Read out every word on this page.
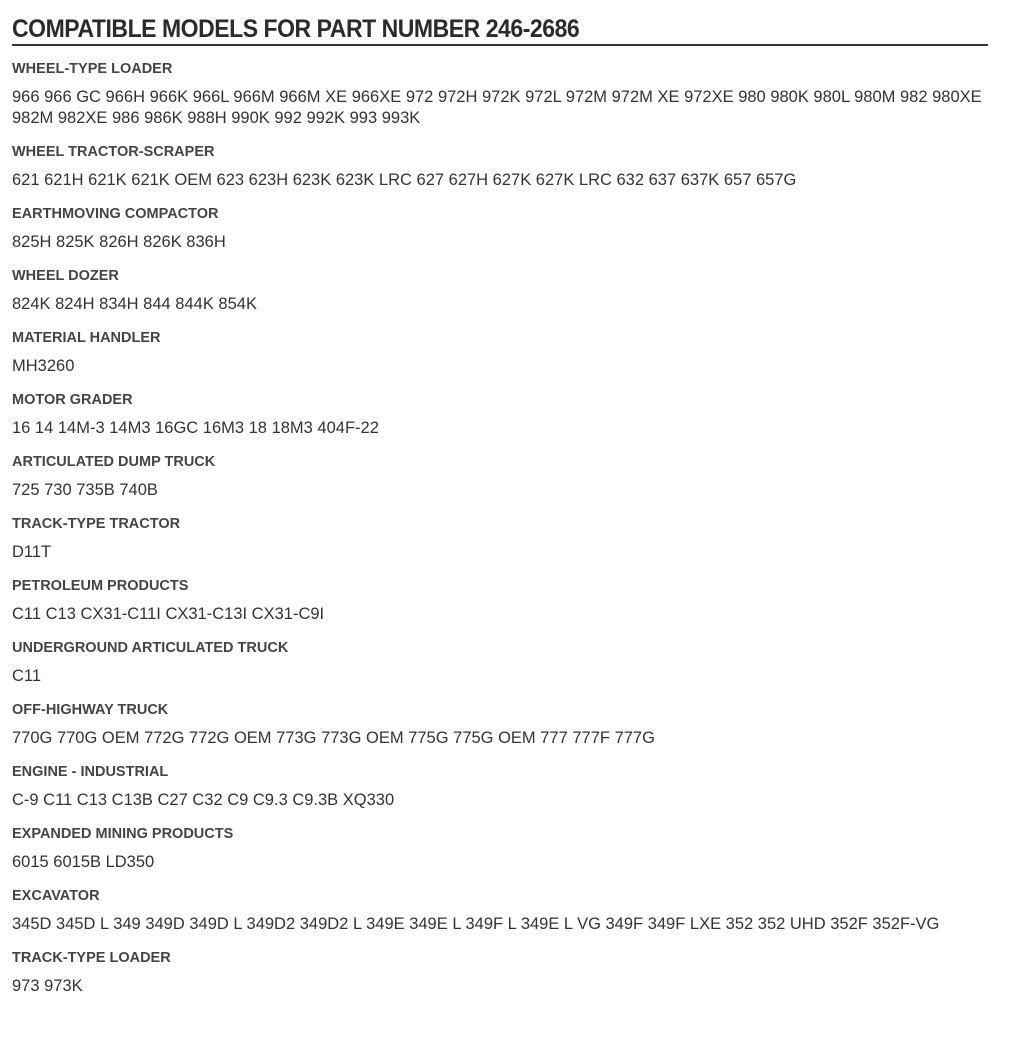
COMPATIBLE MODELS FOR PART NUMBER 246-2686
WHEEL-TYPE LOADER
966 966 GC 966H 966K 966L 966M 966M XE 966XE 972 972H 972K 972L 972M 972M XE 972XE 980 980K 980L 980M 982 980XE 982M 982XE 986 986K 988H 990K 992 992K 993 993K
WHEEL TRACTOR-SCRAPER
621 621H 621K 621K OEM 623 623H 623K 623K LRC 627 627H 627K 627K LRC 632 637 637K 657 657G
EARTHMOVING COMPACTOR
825H 825K 826H 826K 836H
WHEEL DOZER
824K 824H 834H 844 844K 854K
MATERIAL HANDLER
MH3260
MOTOR GRADER
16 14 14M-3 14M3 16GC 16M3 18 18M3 404F-22
ARTICULATED DUMP TRUCK
725 730 735B 740B
TRACK-TYPE TRACTOR
D11T
PETROLEUM PRODUCTS
C11 C13 CX31-C11I CX31-C13I CX31-C9I
UNDERGROUND ARTICULATED TRUCK
C11
OFF-HIGHWAY TRUCK
770G 770G OEM 772G 772G OEM 773G 773G OEM 775G 775G OEM 777 777F 777G
ENGINE - INDUSTRIAL
C-9 C11 C13 C13B C27 C32 C9 C9.3 C9.3B XQ330
EXPANDED MINING PRODUCTS
6015 6015B LD350
EXCAVATOR
345D 345D L 349 349D 349D L 349D2 349D2 L 349E 349E L 349F L 349E L VG 349F 349F LXE 352 352 UHD 352F 352F-VG
TRACK-TYPE LOADER
973 973K
